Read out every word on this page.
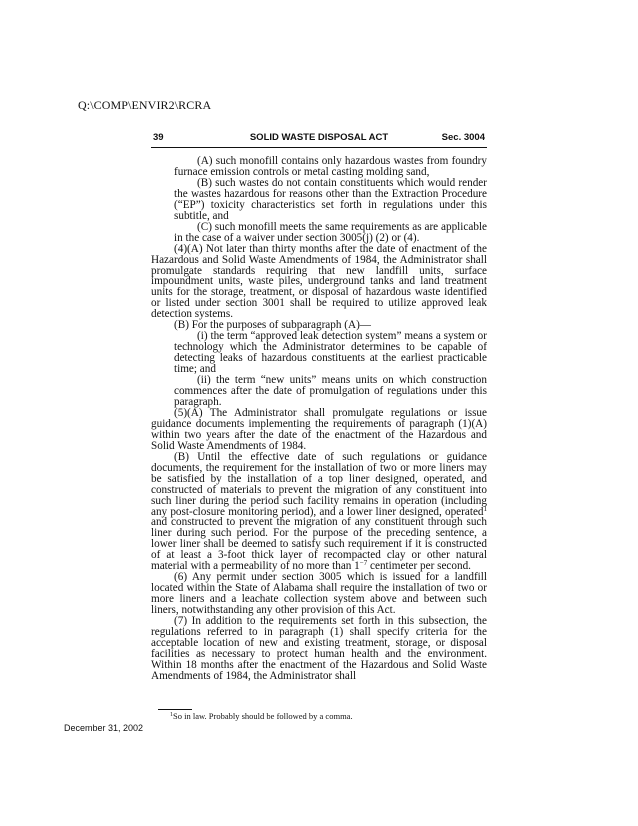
Q:\COMP\ENVIR2\RCRA
39	SOLID WASTE DISPOSAL ACT	Sec. 3004

(A) such monofill contains only hazardous wastes from foundry furnace emission controls or metal casting molding sand,

(B) such wastes do not contain constituents which would render the wastes hazardous for reasons other than the Extraction Procedure (“EP”) toxicity characteristics set forth in regulations under this subtitle, and

(C) such monofill meets the same requirements as are applicable in the case of a waiver under section 3005(j) (2) or (4).

(4)(A) Not later than thirty months after the date of enactment of the Hazardous and Solid Waste Amendments of 1984, the Administrator shall promulgate standards requiring that new landfill units, surface impoundment units, waste piles, underground tanks and land treatment units for the storage, treatment, or disposal of hazardous waste identified or listed under section 3001 shall be required to utilize approved leak detection systems.

(B) For the purposes of subparagraph (A)—

(i) the term “approved leak detection system” means a system or technology which the Administrator determines to be capable of detecting leaks of hazardous constituents at the earliest practicable time; and

(ii) the term “new units” means units on which construction commences after the date of promulgation of regulations under this paragraph.

(5)(A) The Administrator shall promulgate regulations or issue guidance documents implementing the requirements of paragraph (1)(A) within two years after the date of the enactment of the Hazardous and Solid Waste Amendments of 1984.

(B) Until the effective date of such regulations or guidance documents, the requirement for the installation of two or more liners may be satisfied by the installation of a top liner designed, operated, and constructed of materials to prevent the migration of any constituent into such liner during the period such facility remains in operation (including any post-closure monitoring period), and a lower liner designed, operated$^1$ and constructed to prevent the migration of any constituent through such liner during such period. For the purpose of the preceding sentence, a lower liner shall be deemed to satisfy such requirement if it is constructed of at least a 3-foot thick layer of recompacted clay or other natural material with a permeability of no more than $1^{-7}$ centimeter per second.

(6) Any permit under section 3005 which is issued for a landfill located within the State of Alabama shall require the installation of two or more liners and a leachate collection system above and between such liners, notwithstanding any other provision of this Act.

(7) In addition to the requirements set forth in this subsection, the regulations referred to in paragraph (1) shall specify criteria for the acceptable location of new and existing treatment, storage, or disposal facilities as necessary to protect human health and the environment. Within 18 months after the enactment of the Hazardous and Solid Waste Amendments of 1984, the Administrator shall

$^1$So in law. Probably should be followed by a comma.
December 31, 2002
